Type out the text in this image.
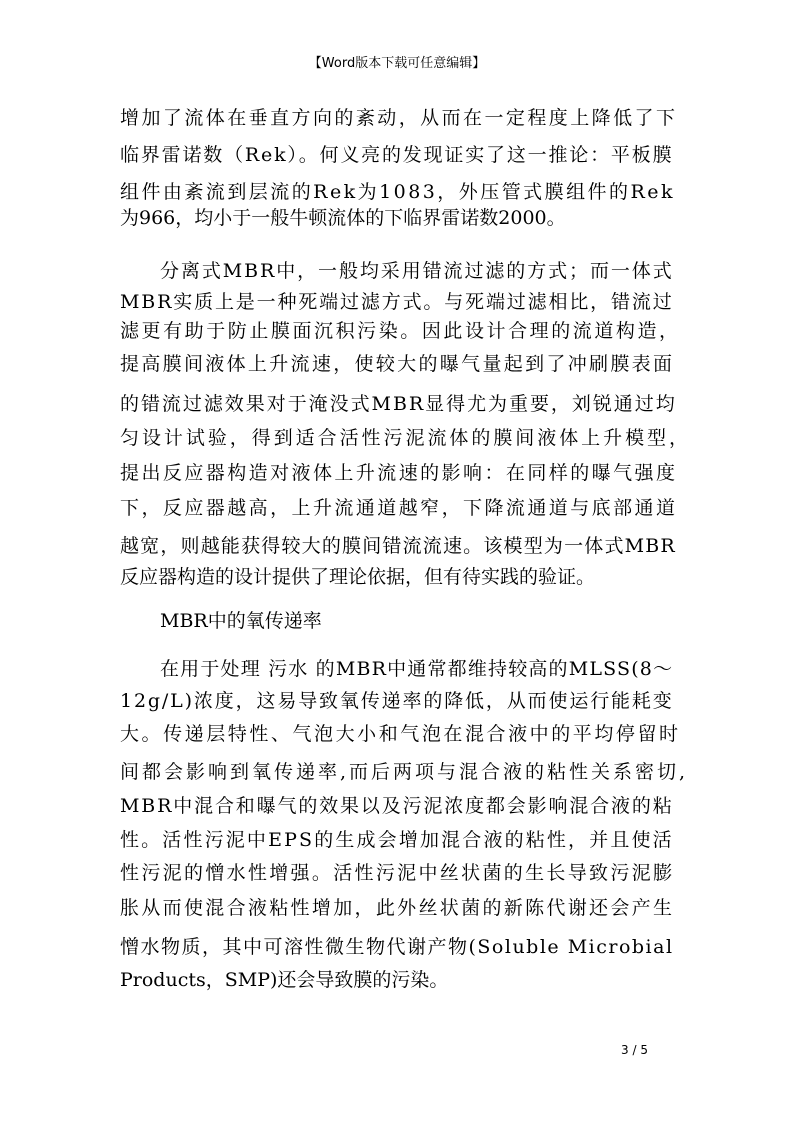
【Word版本下载可任意编辑】
增加了流体在垂直方向的紊动，从而在一定程度上降低了下
临界雷诺数（Rek）。何义亮的发现证实了这一推论：平板膜
组件由紊流到层流的Rek为1083，外压管式膜组件的Rek
为966，均小于一般牛顿流体的下临界雷诺数2000。
分离式MBR中，一般均采用错流过滤的方式；而一体式
MBR实质上是一种死端过滤方式。与死端过滤相比，错流过
滤更有助于防止膜面沉积污染。因此设计合理的流道构造，
提高膜间液体上升流速，使较大的曝气量起到了冲刷膜表面
的错流过滤效果对于淹没式MBR显得尤为重要，刘锐通过均
匀设计试验，得到适合活性污泥流体的膜间液体上升模型，
提出反应器构造对液体上升流速的影响：在同样的曝气强度
下，反应器越高，上升流通道越窄，下降流通道与底部通道
越宽，则越能获得较大的膜间错流流速。该模型为一体式MBR
反应器构造的设计提供了理论依据，但有待实践的验证。
MBR中的氧传递率
在用于处理 污水 的MBR中通常都维持较高的MLSS(8～
12g/L)浓度，这易导致氧传递率的降低，从而使运行能耗变
大。传递层特性、气泡大小和气泡在混合液中的平均停留时
间都会影响到氧传递率,而后两项与混合液的粘性关系密切,
MBR中混合和曝气的效果以及污泥浓度都会影响混合液的粘
性。活性污泥中EPS的生成会增加混合液的粘性，并且使活
性污泥的憎水性增强。活性污泥中丝状菌的生长导致污泥膨
胀从而使混合液粘性增加，此外丝状菌的新陈代谢还会产生
憎水物质，其中可溶性微生物代谢产物(Soluble Microbial
Products，SMP)还会导致膜的污染。
3 / 5
